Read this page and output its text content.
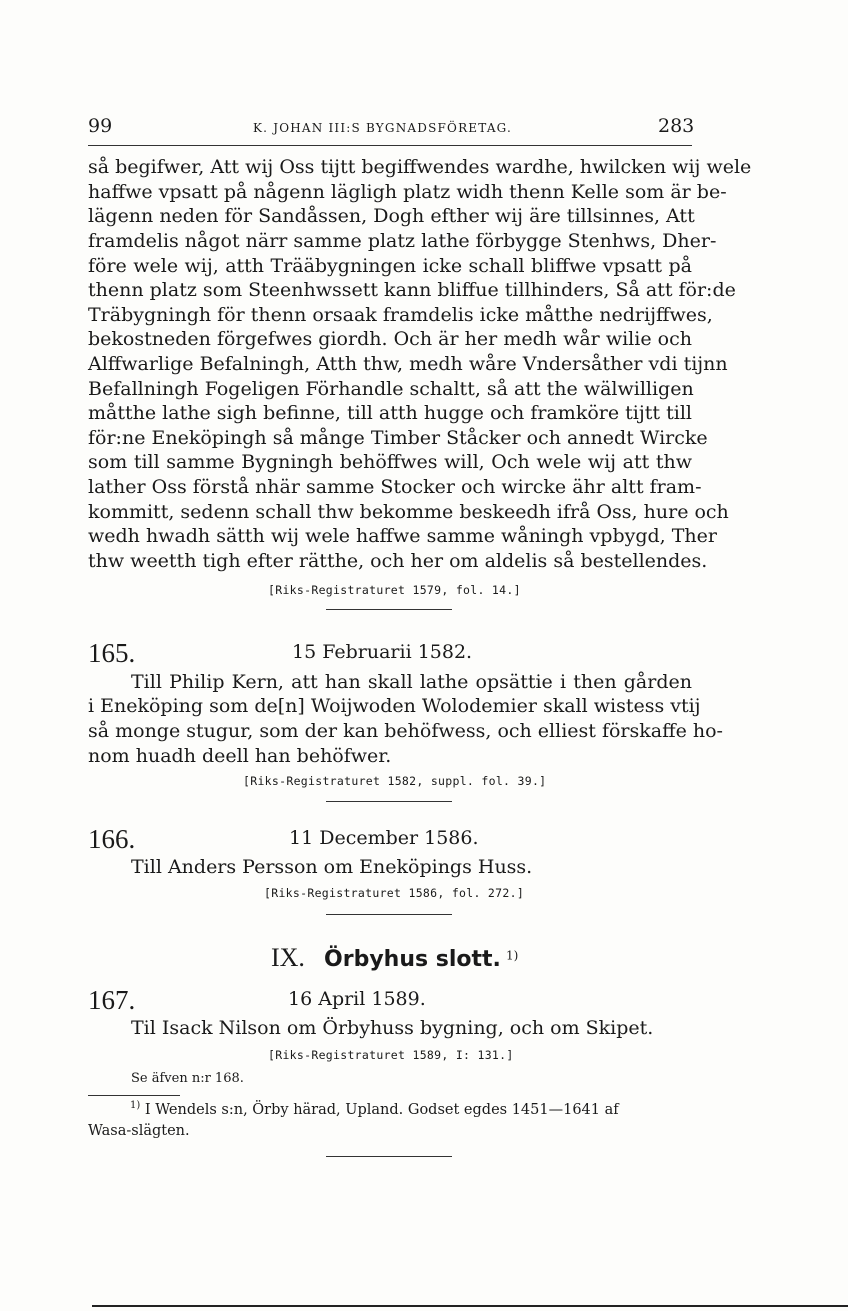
99	K. JOHAN III:S BYGNADSFÖRETAG.	283
så begifwer, Att wij Oss tijtt begiffwendes wardhe, hwilcken wij wele
haffwe vpsatt på någenn lägligh platz widh thenn Kelle som är be-
lägenn neden för Sandåssen, Dogh efther wij äre tillsinnes, Att
framdelis något närr samme platz lathe förbygge Stenhws, Dher-
före wele wij, atth Trääbygningen icke schall bliffwe vpsatt på
thenn platz som Steenhwssett kann bliffue tillhinders, Så att för:de
Träbygningh för thenn orsaak framdelis icke måtthe nedrijffwes,
bekostneden förgefwes giordh. Och är her medh wår wilie och
Alffwarlige Befalningh, Atth thw, medh wåre Vndersåther vdi tijnn
Befallningh Fogeligen Förhandle schaltt, så att the wälwilligen
måtthe lathe sigh befinne, till atth hugge och framköre tijtt till
för:ne Eneköpingh så månge Timber Ståcker och annedt Wircke
som till samme Bygningh behöffwes will, Och wele wij att thw
lather Oss förstå nhär samme Stocker och wircke ähr altt fram-
kommitt, sedenn schall thw bekomme beskeedh ifrå Oss, hure och
wedh hwadh sätth wij wele haffwe samme wåningh vpbygd, Ther
thw weetth tigh efter rätthe, och her om aldelis så bestellendes.
[Riks-Registraturet 1579, fol. 14.]
165.	15 Februarii 1582.
Till Philip Kern, att han skall lathe opsättie i then gården
i Eneköping som de[n] Woijwoden Wolodemier skall wistess vtij
så monge stugur, som der kan behöfwess, och elliest förskaffe ho-
nom huadh deell han behöfwer.
[Riks-Registraturet 1582, suppl. fol. 39.]
166.	11 December 1586.
Till Anders Persson om Eneköpings Huss.
[Riks-Registraturet 1586, fol. 272.]
IX. Örbyhus slott. $^{1)}$
167.	16 April 1589.
Til Isack Nilson om Örbyhuss bygning, och om Skipet.
[Riks-Registraturet 1589, I: 131.]
Se äfven n:r 168.
$^{1)}$ I Wendels s:n, Örby härad, Upland. Godset egdes 1451—1641 af
Wasa-slägten.
